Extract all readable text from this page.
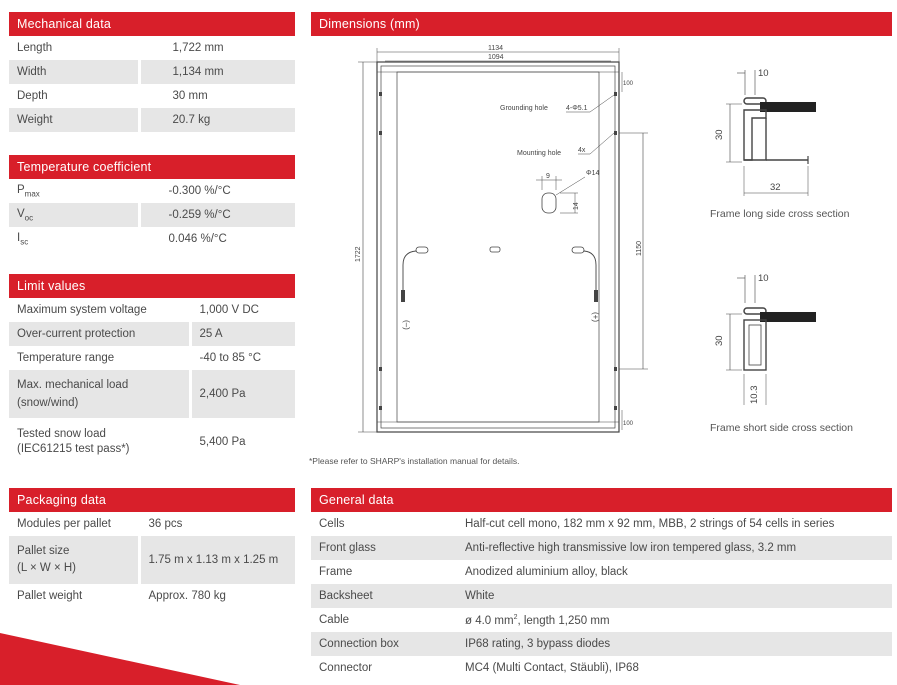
Mechanical data
Length	1,722 mm
Width	1,134 mm
Depth	30 mm
Weight	20.7 kg
Temperature coefficient
$P_{max}$	-0.300 %/°C
$V_{oc}$	-0.259 %/°C
$I_{sc}$	0.046 %/°C
Limit values
Maximum system voltage	1,000 V DC
Over-current protection	25 A
Temperature range	-40 to 85 °C
Max. mechanical load
(snow/wind)	2,400 Pa
Tested snow load
(IEC61215 test pass*)	5,400 Pa
Packaging data
Modules per pallet	36 pcs
Pallet size
(L × W × H)	1.75 m x 1.13 m x 1.25 m
Pallet weight	Approx. 780 kg
General data
Cells	Half-cut cell mono, 182 mm x 92 mm, MBB, 2 strings of 54 cells in series
Front glass	Anti-reflective high transmissive low iron tempered glass, 3.2 mm
Frame	Anodized aluminium alloy, black
Backsheet	White
Cable	ø 4.0 $mm^2$, length 1,250 mm
Connection box	IP68 rating, 3 bypass diodes
Connector	MC4 (Multi Contact, Stäubli), IP68
Dimensions (mm)
1134
1094
1722	1150
100
100
Grounding hole	4-Φ5.1
Mounting hole 4x
9	Φ14
14
(–)
(+)
*Please refer to SHARP's installation manual for details.
10
30
32
Frame long side cross section
10
30
10.3
Frame short side cross section
